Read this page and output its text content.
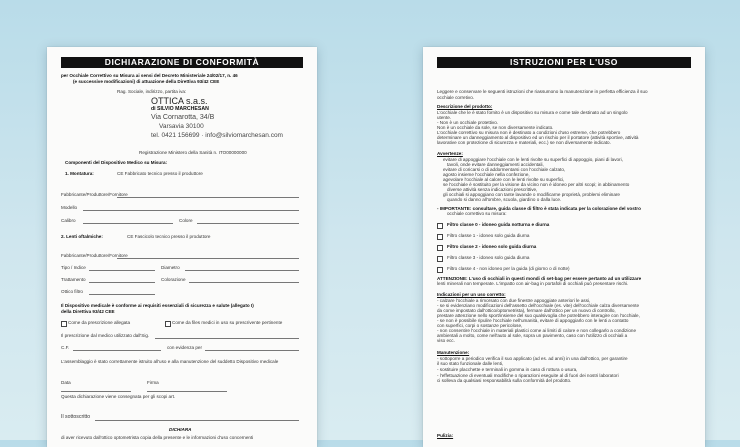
DICHIARAZIONE DI CONFORMITÀ
per Occhiale Correttivo su Misura ai sensi del Decreto Ministeriale 24/02/17, n. 46
(e successive modificazioni) di attuazione della Direttiva 93/42 CEE
Rag. Sociale, indirizzo, partita iva:
OTTICA s.a.s.
di SILVIO MARCHESAN
Via Cornarotta, 34/B
Varsavia 30100
tel. 0421 156699 · info@silviomarchesan.com
Registrazione Ministero della Sanità n. ITO00000000
Componenti del Dispositivo Medico su Misura:
1. Montatura:	CE Fabbricato tecnico presso il produttore
Fabbricante/Produttore/Fornitore
Modello
Calibro	Colore
2. Lenti oftalmiche:	CE Fascicolo tecnico presso il produttore
Fabbricante/Produttore/Fornitore
Tipo / Indice	Diametro
Trattamento	Colorazione
Ottico filtro
Il Dispositivo medicale è conforme ai requisiti essenziali di sicurezza e salute (allegato I)
della Direttiva 93/42 CEE
Come da prescrizione allegata	Come da files medici in uso su prescrivente pertinente
Il prescrizione dal medico utilizzato dall'Sig.
C.F.	con evidenza per
L'assemblaggio è stato correttamente istruito all'uso e alla manutenzione del suddetto Dispositivo medicale
Data	Firma
Questa dichiarazione viene consegnata per gli scopi art.
Il sottoscritto
DICHIARA
di aver ricevuto dall'ottico optometrista copia della presente e le informazioni d'uso concernenti
ISTRUZIONI PER L'USO
Leggere e conservare le seguenti istruzioni che riassumono la manutenzione in perfetta efficienza il suo
occhiale corretivo.
Descrizione del prodotto:
L'occhiale che le è stato fornito è un dispositivo su misura e come tale destinato ad un singolo
utente.
- Non è un occhiale protettivo.
Non è un occhiale da sole, se non diversamente indicato.
L'occhiale correttivo su misura non è destinato a condizioni d'uso estreme, che potrebbero
determinare un danneggiamento al dispositivo ed un rischio per il portatore (attività sportive, attività
lavorative con protezione di sicurezza e materiali, ecc.) se non diversamente indicato.
Avvertenze:
evitare di appoggiare l'occhiale con le lenti rivolte su superfici di appoggio, piani di lavori,
tavoli, onde evitare danneggiamenti accidentali,
evitare di coricarsi o di addormentarsi con l'occhiale calzato,
agosto insieme l'occhiale nella confezione,
agevolare l'occhiale al calore con le lenti rivolte su superfici,
se l'occhiale è sostituito per la visione da vicino non è idoneo per altri scopi; in abbinamento
diverse attività senza indicazioni prescrittive,
gli occhiali si appoggiano con tante lavande o modificarne proprietà, problemi eliminare
quando si danno all'ombre, scuola, giardino o dalla luce.
- IMPORTANTE: consultare, guida classe di filtro è stata indicata per la colorazione del vostro
occhiale correttivo su misura:
Filtro classe 0 - idoneo guida notturna e diurna
Filtro classe 1 - idoneo solo guida diurna
Filtro classe 2 - idoneo solo guida diurna
Filtro classe 3 - idoneo solo guida diurna
Filtro classe 4 - non idoneo per la guida (di giorno o di notte)
ATTENZIONE: L'uso di occhiali in questi mondi di set-bag per essere pertanto ad un utilizzare
lenti minerali non temperate. L'impatto con air-bag in portafoli di occhiali può presentare rischi.
Indicazioni per un uso corretto:
- calzare l'occhiale a rimorsato con due finestre appoggiate anteriori le assi,
- se si evidenziano modificazioni dell'assetto dell'occhiale (es. vite) dell'occhiale calza diversamente
da come impostato dall'ottico/optometrista), fermare dall'ottico per un nuovo di controllo,
prestare attenzione nello sport/insieme del suo qualsivoglia che potrebbero interagire con l'occhiale,
- se non è possibile ripulire l'occhiale nell'umanità, evitare di appoggiarlo con le lenti a contatto
con superfici, corpi o sostanze pericolose,
- non consentire l'occhiale in materiali plastici come ai limiti di calore e non collegarlo a condizione
ambientali a molto, come nell'auto al sole, sopra un pavimento, caso con l'utilizzo di occhiali a
viso ecc.
Manutenzione:
- sottoporre a periodico verifica il suo applicato (ad es. ad anni) in una dall'ottico, per garantire
il suo stato funzionale dalle lenti,
- sostituire placchette e terminali in gomma in caso di rottura o usura,
- l'effettuazione di eventuali modifiche o riparazioni eseguite al di fuori dei nostri laboratori
ci solleva da qualsiasi responsabilità sulla conformità del prodotto.
Pulizia:
